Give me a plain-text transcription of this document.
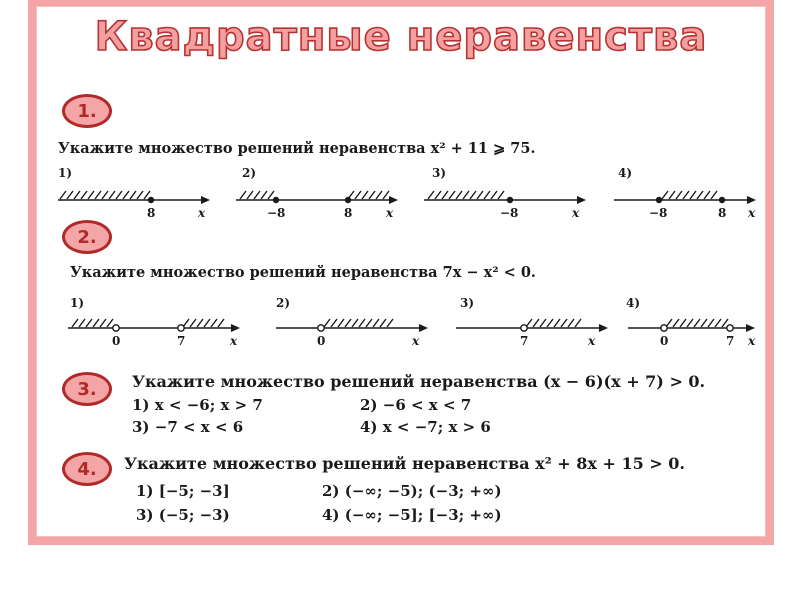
Квадратные неравенства
1.
Укажите множество решений неравенства x² + 11 ⩾ 75.
1)
8	x
2)
−8	8	x
3)
−8	x
4)
−8	8 x
2.
Укажите множество решений неравенства 7x − x² < 0.
1)
0	7	x
2)
0	x
3)
7	x
4)
0	7 x
3.	Укажите множество решений неравенства (x − 6)(x + 7) > 0.
1) x < −6; x > 7	2) −6 < x < 7
3) −7 < x < 6	4) x < −7; x > 6
4.	Укажите множество решений неравенства x² + 8x + 15 > 0.
1) [−5; −3]	2) (−∞; −5); (−3; +∞)
3) (−5; −3)	4) (−∞; −5]; [−3; +∞)
